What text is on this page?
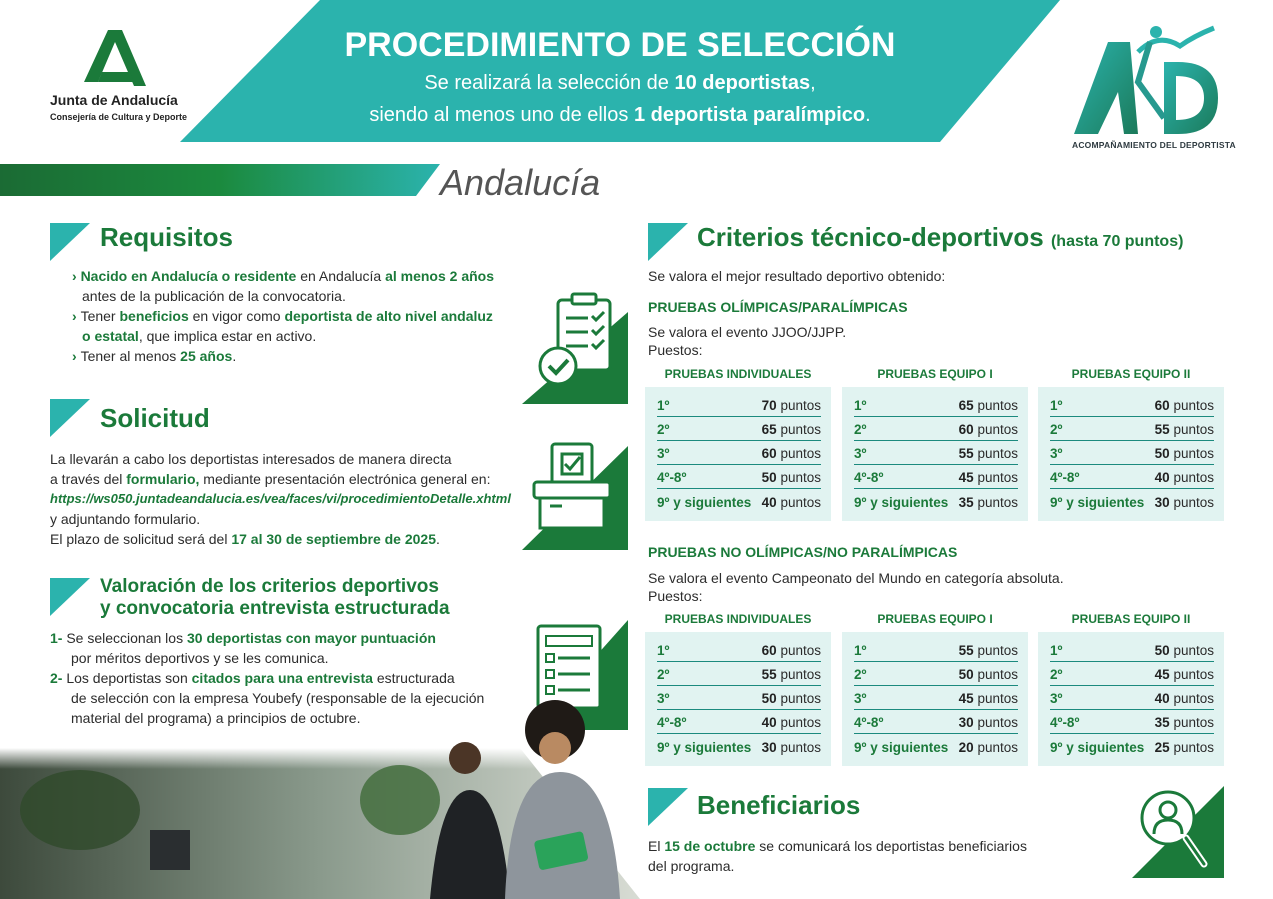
Junta de Andalucía
Consejería de Cultura y Deporte
PROCEDIMIENTO DE SELECCIÓN
Se realizará la selección de 10 deportistas,
siendo al menos uno de ellos 1 deportista paralímpico.
ACOMPAÑAMIENTO DEL DEPORTISTA
Andalucía
Requisitos
› Nacido en Andalucía o residente en Andalucía al menos 2 años
antes de la publicación de la convocatoria.
› Tener beneficios en vigor como deportista de alto nivel andaluz
o estatal, que implica estar en activo.
› Tener al menos 25 años.
Solicitud
La llevarán a cabo los deportistas interesados de manera directa
a través del formulario, mediante presentación electrónica general en:
https://ws050.juntadeandalucia.es/vea/faces/vi/procedimientoDetalle.xhtml
y adjuntando formulario.
El plazo de solicitud será del 17 al 30 de septiembre de 2025.
Valoración de los criterios deportivos
y convocatoria entrevista estructurada
1- Se seleccionan los 30 deportistas con mayor puntuación
por méritos deportivos y se les comunica.
2- Los deportistas son citados para una entrevista estructurada
de selección con la empresa Youbefy (responsable de la ejecución
material del programa) a principios de octubre.
Criterios técnico-deportivos (hasta 70 puntos)
Se valora el mejor resultado deportivo obtenido:
PRUEBAS OLÍMPICAS/PARALÍMPICAS
Se valora el evento JJOO/JJPP.
Puestos:
PRUEBAS INDIVIDUALES
1º	70 puntos
2º	65 puntos
3º	60 puntos
4º-8º	50 puntos
9º y siguientes 40 puntos
PRUEBAS EQUIPO I
1º	65 puntos
2º	60 puntos
3º	55 puntos
4º-8º	45 puntos
9º y siguientes 35 puntos
PRUEBAS EQUIPO II
1º	60 puntos
2º	55 puntos
3º	50 puntos
4º-8º	40 puntos
9º y siguientes 30 puntos
PRUEBAS NO OLÍMPICAS/NO PARALÍMPICAS
Se valora el evento Campeonato del Mundo en categoría absoluta.
Puestos:
PRUEBAS INDIVIDUALES
1º	60 puntos
2º	55 puntos
3º	50 puntos
4º-8º	40 puntos
9º y siguientes 30 puntos
PRUEBAS EQUIPO I
1º	55 puntos
2º	50 puntos
3º	45 puntos
4º-8º	30 puntos
9º y siguientes 20 puntos
PRUEBAS EQUIPO II
1º	50 puntos
2º	45 puntos
3º	40 puntos
4º-8º	35 puntos
9º y siguientes 25 puntos
Beneficiarios
El 15 de octubre se comunicará los deportistas beneficiarios
del programa.
